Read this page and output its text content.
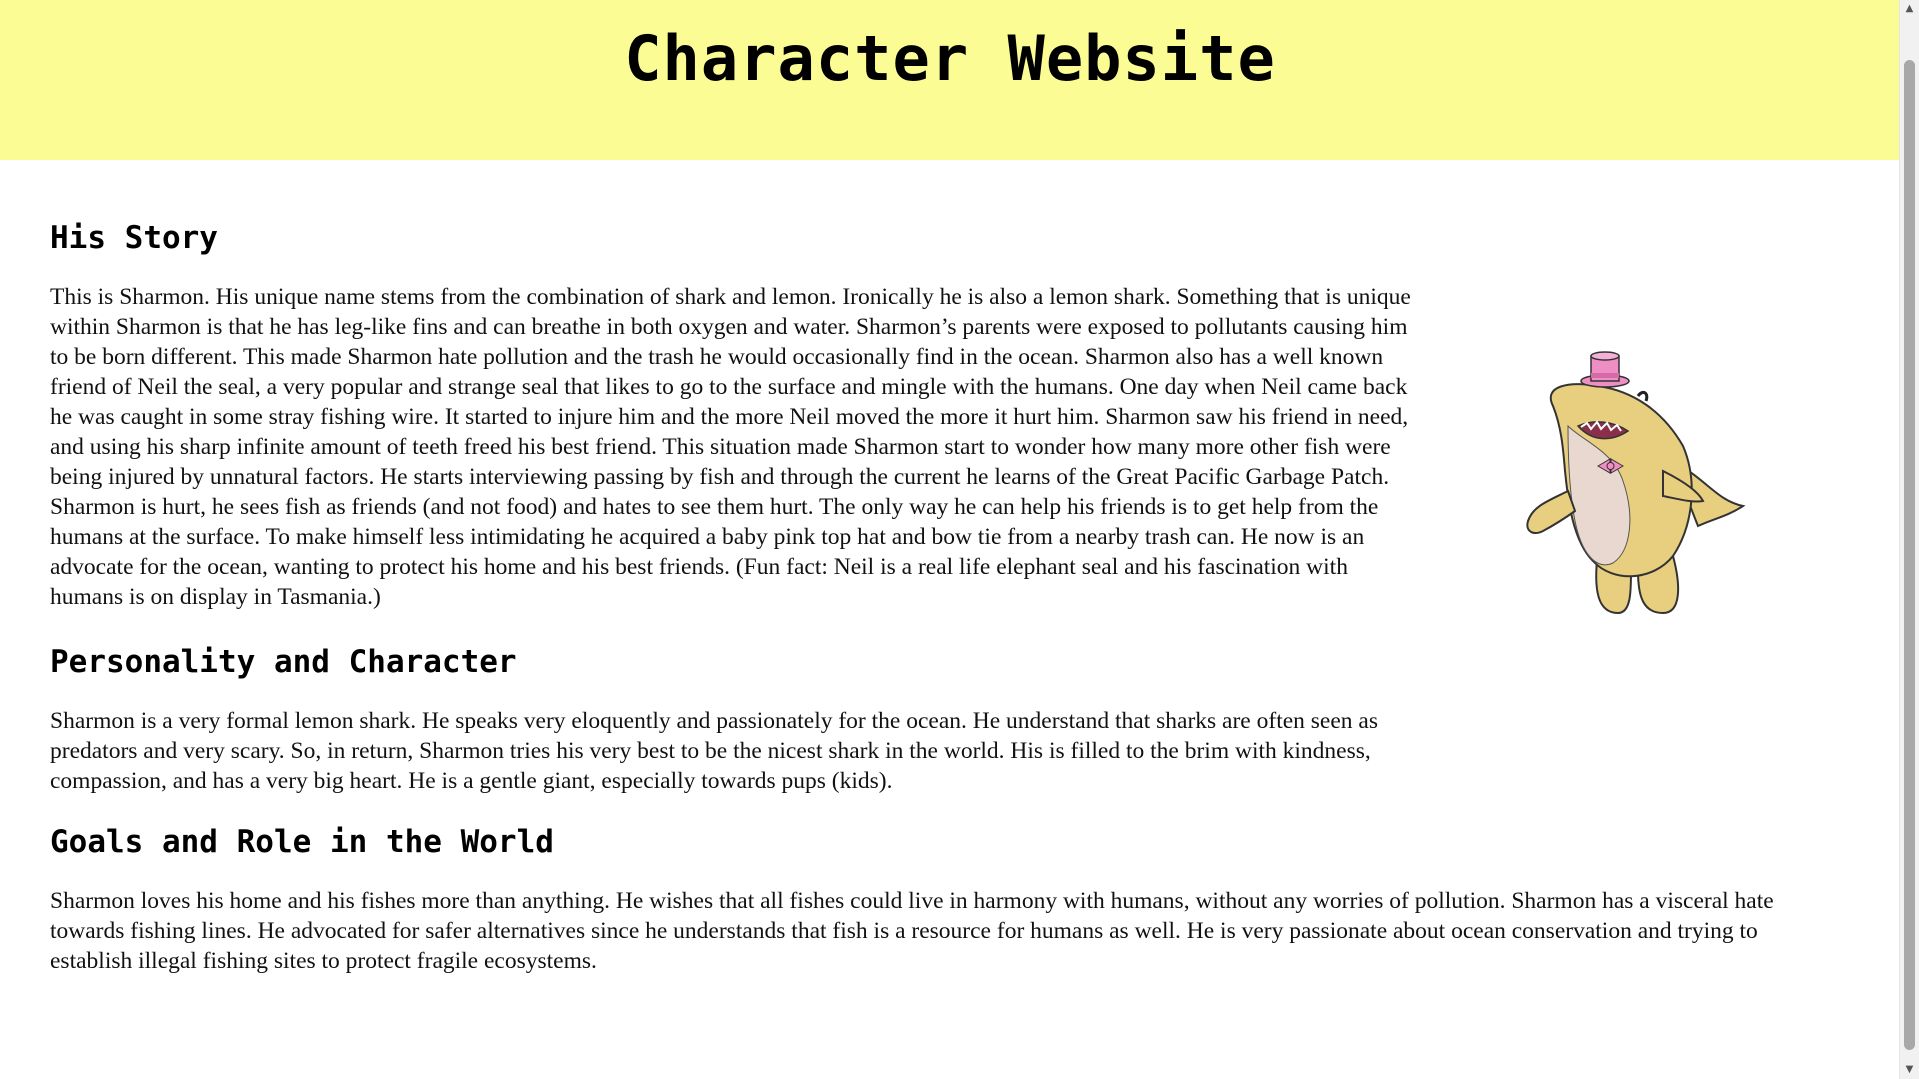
Character Website
His Story

This is Sharmon. His unique name stems from the combination of shark and lemon. Ironically he is also a lemon shark. Something that is unique within Sharmon is that he has leg-like fins and can breathe in both oxygen and water. Sharmon’s parents were exposed to pollutants causing him to be born different. This made Sharmon hate pollution and the trash he would occasionally find in the ocean. Sharmon also has a well known friend of Neil the seal, a very popular and strange seal that likes to go to the surface and mingle with the humans. One day when Neil came back he was caught in some stray fishing wire. It started to injure him and the more Neil moved the more it hurt him. Sharmon saw his friend in need, and using his sharp infinite amount of teeth freed his best friend. This situation made Sharmon start to wonder how many more other fish were being injured by unnatural factors. He starts interviewing passing by fish and through the current he learns of the Great Pacific Garbage Patch. Sharmon is hurt, he sees fish as friends (and not food) and hates to see them hurt. The only way he can help his friends is to get help from the humans at the surface. To make himself less intimidating he acquired a baby pink top hat and bow tie from a nearby trash can. He now is an advocate for the ocean, wanting to protect his home and his best friends. (Fun fact: Neil is a real life elephant seal and his fascination with humans is on display in Tasmania.)

Personality and Character

Sharmon is a very formal lemon shark. He speaks very eloquently and passionately for the ocean. He understand that sharks are often seen as predators and very scary. So, in return, Sharmon tries his very best to be the nicest shark in the world. His is filled to the brim with kindness, compassion, and has a very big heart. He is a gentle giant, especially towards pups (kids).

Goals and Role in the World

Sharmon loves his home and his fishes more than anything. He wishes that all fishes could live in harmony with humans, without any worries of pollution. Sharmon has a visceral hate towards fishing lines. He advocated for safer alternatives since he understands that fish is a resource for humans as well. He is very passionate about ocean conservation and trying to establish illegal fishing sites to protect fragile ecosystems.

▲
▼
